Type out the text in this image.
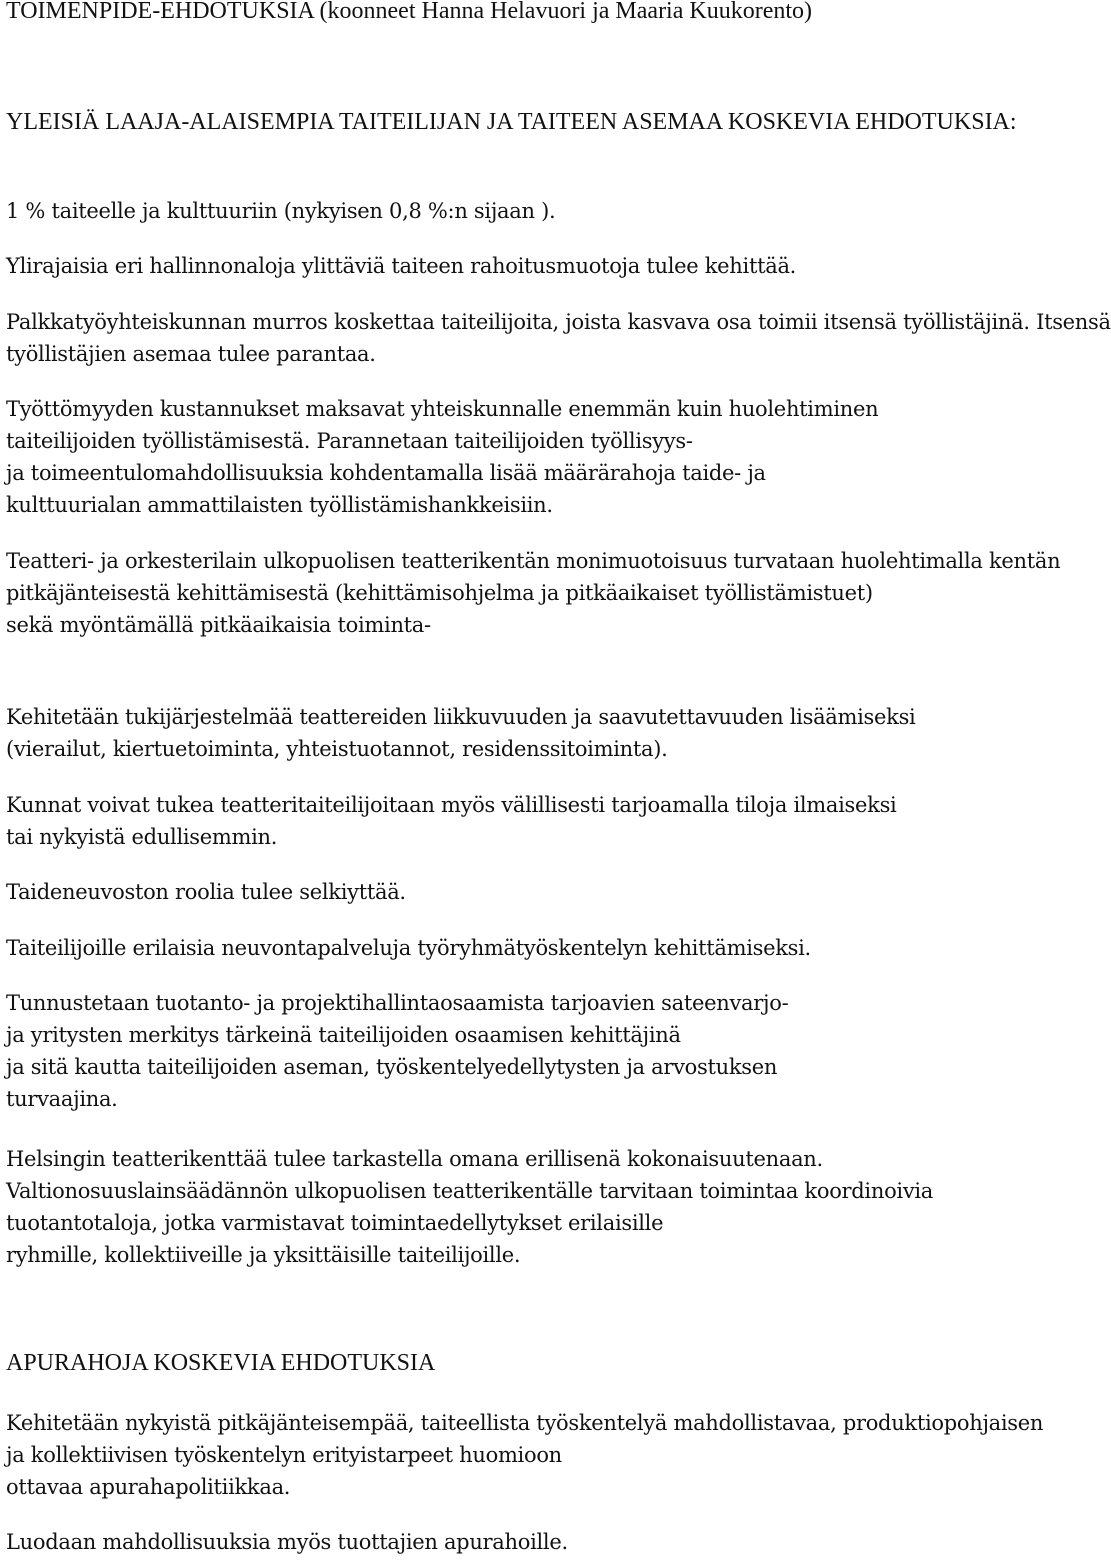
TOIMENPIDE-EHDOTUKSIA (koonneet Hanna Helavuori ja Maaria Kuukorento)

YLEISIÄ LAAJA-ALAISEMPIA TAITEILIJAN JA TAITEEN ASEMAA KOSKEVIA EHDOTUKSIA:

1 % taiteelle ja kulttuuriin (nykyisen 0,8 %:n sijaan ).

Ylirajaisia eri hallinnonaloja ylittäviä taiteen rahoitusmuotoja tulee kehittää.

Palkkatyöyhteiskunnan murros koskettaa taiteilijoita, joista kasvava osa toimii itsensä työllistäjinä. Itsensä

työllistäjien asemaa tulee parantaa.

Työttömyyden kustannukset maksavat yhteiskunnalle enemmän kuin huolehtiminen

taiteilijoiden työllistämisestä. Parannetaan taiteilijoiden työllisyys-

ja toimeentulomahdollisuuksia kohdentamalla lisää määrärahoja taide- ja

kulttuurialan ammattilaisten työllistämishankkeisiin.

Teatteri- ja orkesterilain ulkopuolisen teatterikentän monimuotoisuus turvataan huolehtimalla kentän

pitkäjänteisestä kehittämisestä (kehittämisohjelma ja pitkäaikaiset työllistämistuet)

sekä myöntämällä pitkäaikaisia toiminta-

Kehitetään tukijärjestelmää teattereiden liikkuvuuden ja saavutettavuuden lisäämiseksi

(vierailut, kiertuetoiminta, yhteistuotannot, residenssitoiminta).

Kunnat voivat tukea teatteritaiteilijoitaan myös välillisesti tarjoamalla tiloja ilmaiseksi

tai nykyistä edullisemmin.

Taideneuvoston roolia tulee selkiyttää.

Taiteilijoille erilaisia neuvontapalveluja työryhmätyöskentelyn kehittämiseksi.

Tunnustetaan tuotanto- ja projektihallintaosaamista tarjoavien sateenvarjo-

ja yritysten merkitys tärkeinä taiteilijoiden osaamisen kehittäjinä

ja sitä kautta taiteilijoiden aseman, työskentelyedellytysten ja arvostuksen

turvaajina.

Helsingin teatterikenttää tulee tarkastella omana erillisenä kokonaisuutenaan.

Valtionosuuslainsäädännön ulkopuolisen teatterikentälle tarvitaan toimintaa koordinoivia

tuotantotaloja, jotka varmistavat toimintaedellytykset erilaisille

ryhmille, kollektiiveille ja yksittäisille taiteilijoille.

APURAHOJA KOSKEVIA EHDOTUKSIA

Kehitetään nykyistä pitkäjänteisempää, taiteellista työskentelyä mahdollistavaa, produktiopohjaisen

ja kollektiivisen työskentelyn erityistarpeet huomioon

ottavaa apurahapolitiikkaa.

Luodaan mahdollisuuksia myös tuottajien apurahoille.
